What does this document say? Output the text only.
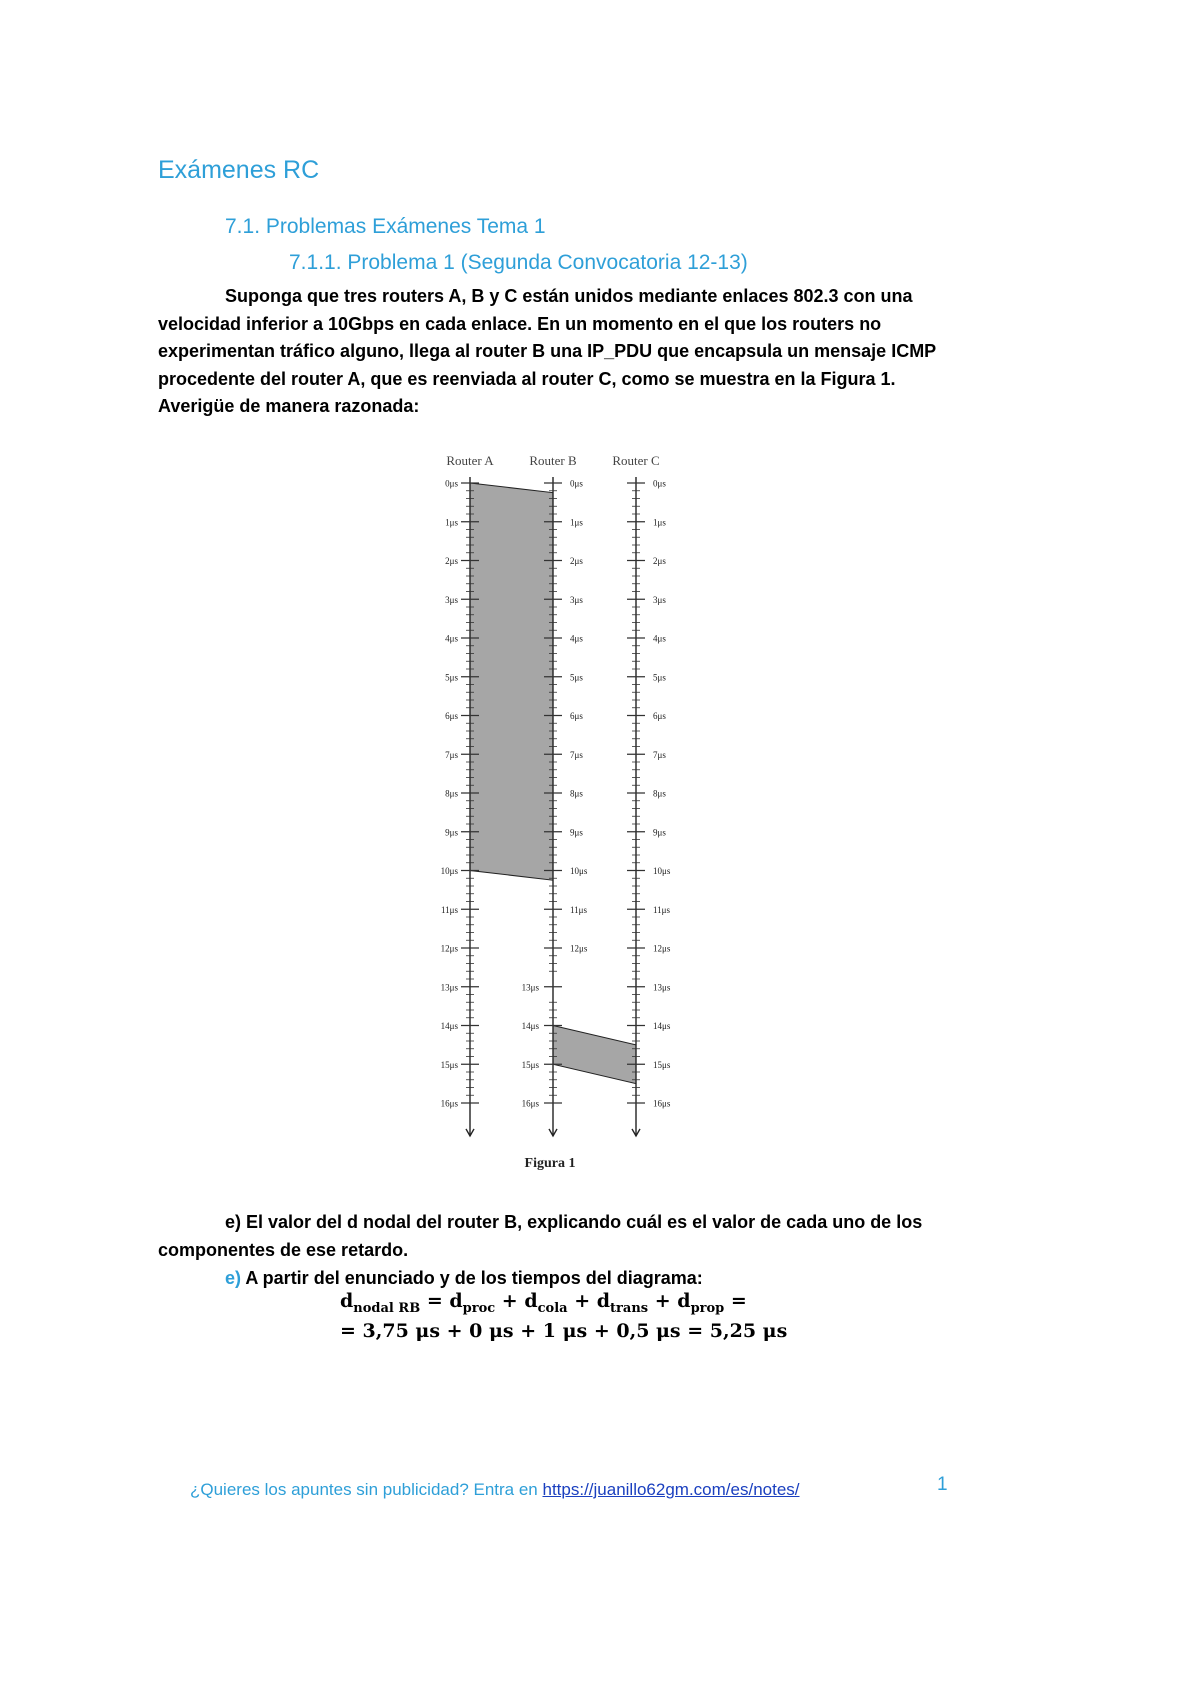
Exámenes RC
7.1. Problemas Exámenes Tema 1
7.1.1. Problema 1 (Segunda Convocatoria 12-13)

Suponga que tres routers A, B y C están unidos mediante enlaces 802.3 con una velocidad inferior a 10Gbps en cada enlace. En un momento en el que los routers no experimentan tráfico alguno, llega al router B una IP_PDU que encapsula un mensaje ICMP procedente del router A, que es reenviada al router C, como se muestra en la Figura 1. Averigüe de manera razonada:

Router A	Router B	Router C
0μs
1μs
2μs
3μs
4μs
5μs
6μs
7μs
8μs
9μs
10μs
11μs
12μs
13μs
14μs
15μs
16μs
0μs
1μs
2μs
3μs
4μs
5μs
6μs
7μs
8μs
9μs
10μs
11μs
12μs
13μs
14μs
15μs
16μs
0μs
1μs
2μs
3μs
4μs
5μs
6μs
7μs
8μs
9μs
10μs
11μs
12μs
13μs
14μs
15μs
16μs
Figura 1

e) El valor del d nodal del router B, explicando cuál es el valor de cada uno de los componentes de ese retardo.
e) A partir del enunciado y de los tiempos del diagrama:

$d_{nodal RB} = d_{proc} + d_{cola} + d_{trans} + d_{prop}$ =
= 3,75 μs + 0 μs + 1 μs + 0,5 μs = 5,25 μs
¿Quieres los apuntes sin publicidad? Entra en https://juanillo62gm.com/es/notes/	1
